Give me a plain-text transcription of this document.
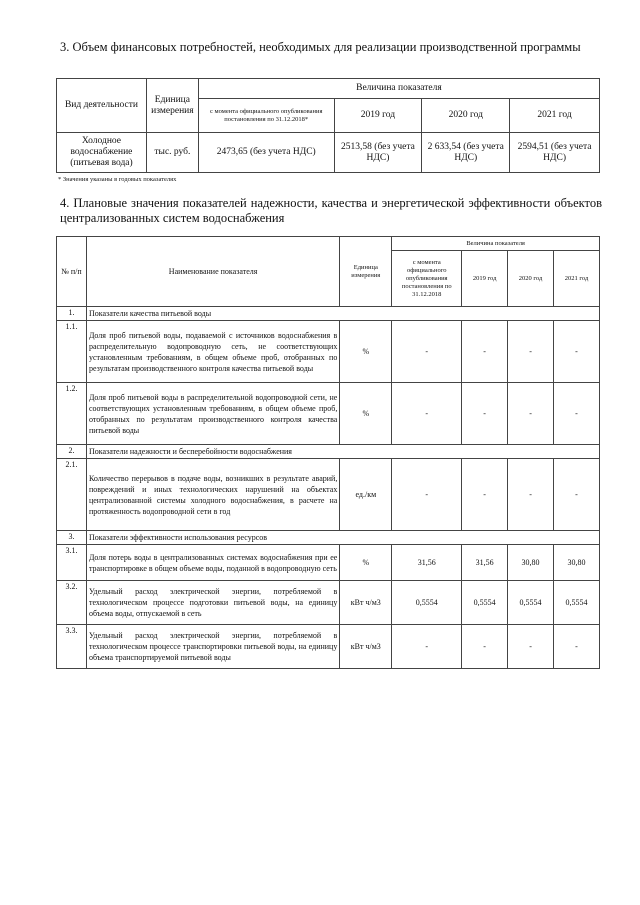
3. Объем финансовых потребностей, необходимых для реализации производственной программы
Вид деятельности	Единица измерения	Величина показателя			
		с момента официального опубликования постановления по 31.12.2018*	2019 год	2020 год	2021 год
Холодное водоснабжение (питьевая вода)	тыс. руб.	2473,65 (без учета НДС)	2513,58 (без учета НДС)	2 633,54 (без учета НДС)	2594,51 (без учета НДС)
* Значения указаны в годовых показателях
4. Плановые значения показателей надежности, качества и энергетической эффективности объектов централизованных систем водоснабжения
№ п/п	Наименование показателя	Единица измерения	Величина показателя			
			с момента официального опубликования постановления по 31.12.2018	2019 год	2020 год	2021 год
1.	Показатели качества питьевой воды					
1.1.	Доля проб питьевой воды, подаваемой с источников водоснабжения в распределительную водопроводную сеть, не соответствующих установленным требованиям, в общем объеме проб, отобранных по результатам производственного контроля качества питьевой воды	%	-	-	-	-
1.2.	Доля проб питьевой воды в распределительной водопроводной сети, не соответствующих установленным требованиям, в общем объеме проб, отобранных по результатам производственного контроля качества питьевой воды	%	-	-	-	-
2.	Показатели надежности и бесперебойности водоснабжения					
2.1.	Количество перерывов в подаче воды, возникших в результате аварий, повреждений и иных технологических нарушений на объектах централизованной системы холодного водоснабжения, в расчете на протяженность водопроводной сети в год	ед./км	-	-	-	-
3.	Показатели эффективности использования ресурсов					
3.1.	Доля потерь воды в централизованных системах водоснабжения при ее транспортировке в общем объеме воды, поданной в водопроводную сеть	%	31,56	31,56	30,80	30,80
3.2.	Удельный расход электрической энергии, потребляемой в технологическом процессе подготовки питьевой воды, на единицу объема воды, отпускаемой в сеть	кВт ч/м3	0,5554	0,5554	0,5554	0,5554
3.3.	Удельный расход электрической энергии, потребляемой в технологическом процессе транспортировки питьевой воды, на единицу объема транспортируемой питьевой воды	кВт ч/м3	-	-	-	-
